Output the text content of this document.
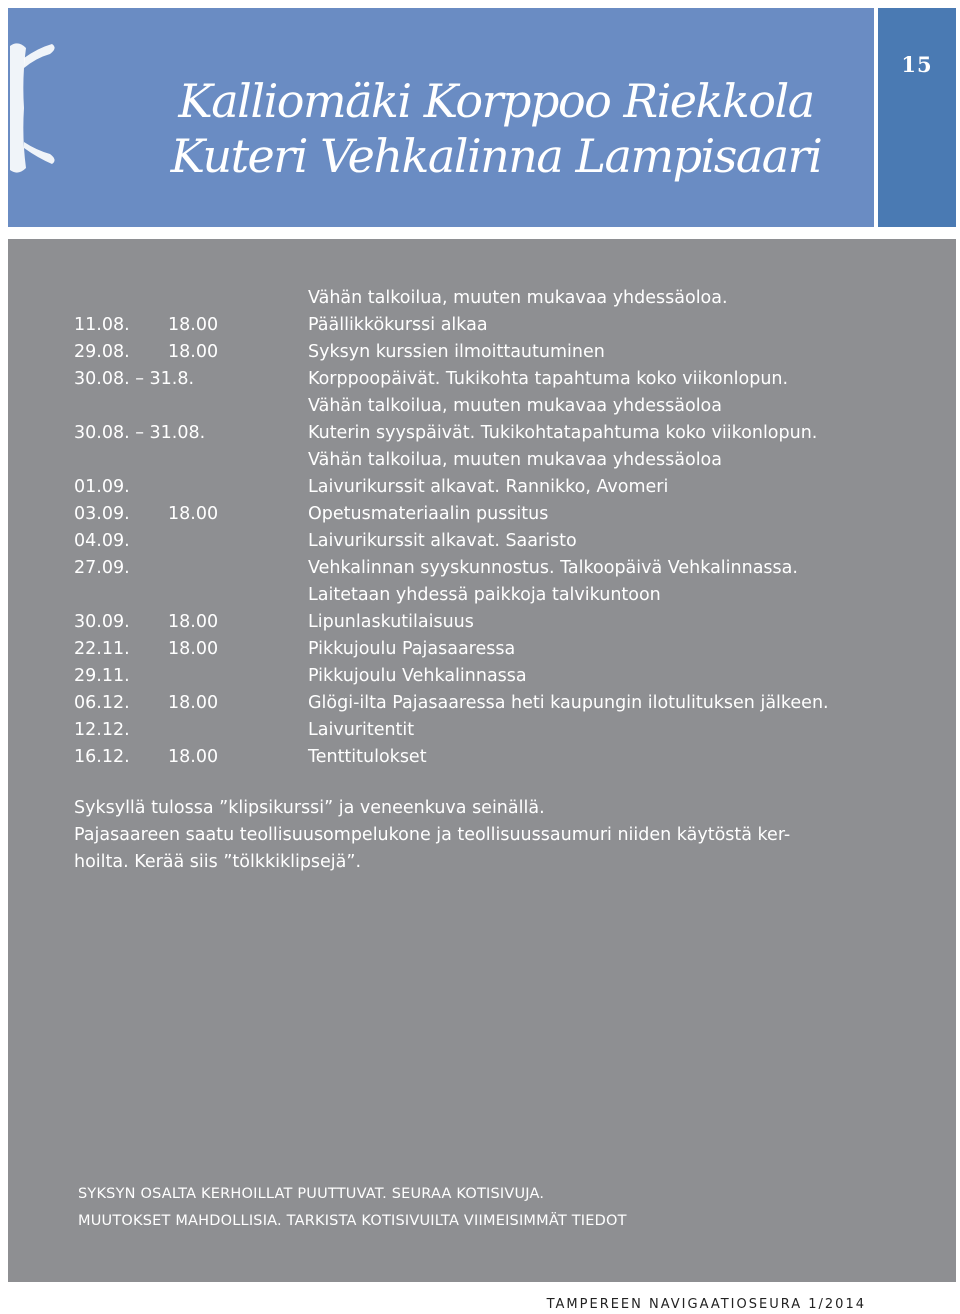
Kalliomäki Korppoo Riekkola
Kuteri Vehkalinna Lampisaari
15
Vähän talkoilua, muuten mukavaa yhdessäoloa.
11.08. 18.00	Päällikkökurssi alkaa
29.08. 18.00	Syksyn kurssien ilmoittautuminen
30.08. – 31.8.	Korppoopäivät. Tukikohta tapahtuma koko viikonlopun.
Vähän talkoilua, muuten mukavaa yhdessäoloa
30.08. – 31.08.	Kuterin syyspäivät. Tukikohtatapahtuma koko viikonlopun.
Vähän talkoilua, muuten mukavaa yhdessäoloa
01.09.	Laivurikurssit alkavat. Rannikko, Avomeri
03.09. 18.00	Opetusmateriaalin pussitus
04.09.	Laivurikurssit alkavat. Saaristo
27.09.	Vehkalinnan syyskunnostus. Talkoopäivä Vehkalinnassa.
Laitetaan yhdessä paikkoja talvikuntoon
30.09. 18.00	Lipunlaskutilaisuus
22.11. 18.00	Pikkujoulu Pajasaaressa
29.11.	Pikkujoulu Vehkalinnassa
06.12. 18.00	Glögi-ilta Pajasaaressa heti kaupungin ilotulituksen jälkeen.
12.12.	Laivuritentit
16.12. 18.00	Tenttitulokset

Syksyllä tulossa ”klipsikurssi” ja veneenkuva seinällä.

Pajasaareen saatu teollisuusompelukone ja teollisuussaumuri niiden käytöstä ker-

hoilta. Kerää siis ”tölkkiklipsejä”.

SYKSYN OSALTA KERHOILLAT PUUTTUVAT. SEURAA KOTISIVUJA.

MUUTOKSET MAHDOLLISIA. TARKISTA KOTISIVUILTA VIIMEISIMMÄT TIEDOT

TAMPEREEN NAVIGAATIOSEURA 1/2014
